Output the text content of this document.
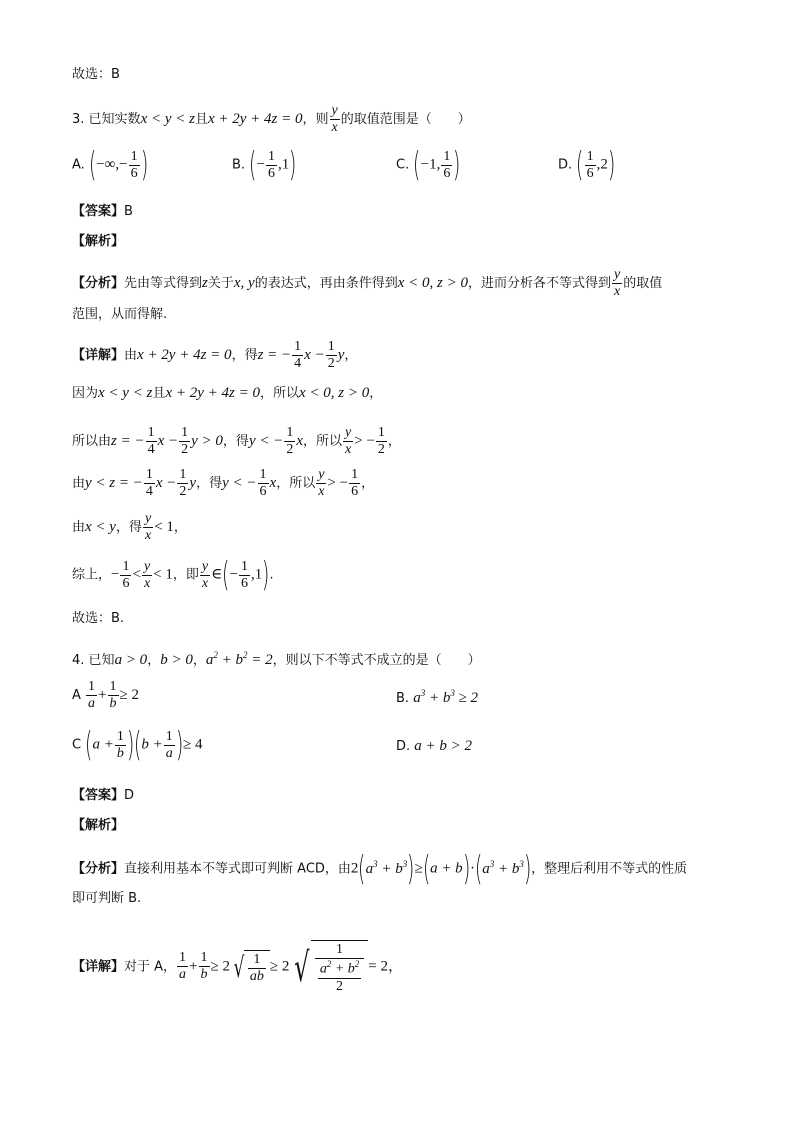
故选：B
3. 已知实数x < y < z且x + 2y + 4z = 0，则 $\frac{y}{x}$ 的取值范围是（　　）
A. (−∞,− $\frac{1}{6}$ )	B. (− $\frac{1}{6} ,1$)	C. (−1, $\frac{1}{6}$ )	D. ( $\frac{1}{6} ,2$)
【答案】B
【解析】
【分析】先由等式得到z关于x, y的表达式，再由条件得到x < 0, z > 0，进而分析各不等式得到 $\frac{y}{x}$ 的取值
范围，从而得解.
【详解】由x + 2y + 4z = 0，得z = − $\frac{1}{4}$ $x - \frac{1}{2}$ y，
因为x < y < z且x + 2y + 4z = 0，所以x < 0, z > 0，
所以由z = − $\frac{1}{4}$ $x - \frac{1}{2}$ y > 0，得y < − $\frac{1}{2}$ x，所以 $\frac{y}{x}$ > − $\frac{1}{2}$ ，
由y < z = − $\frac{1}{4}$ $x - \frac{1}{2}$ y，得y < − $\frac{1}{6}$ x，所以 $\frac{y}{x}$ > − $\frac{1}{6}$ ，
由x < y，得 $\frac{y}{x} < 1$，
综上，− $\frac{1}{6} < \frac{y}{x} < 1$，即 $\frac{y}{x}$ ∈(− $\frac{1}{6} ,1$).
故选：B.
4. 已知a > 0，b > 0，$a^2 + b^2 = 2$，则以下不等式不成立的是（　　）
A $\frac{1}{a} + \frac{1}{b} \ge 2$	B. $a^3 + b^3 \ge 2$
C $(a + \frac{1}{b} )(b + \frac{1}{a}$ )≥ 4	D. a + b > 2
【答案】D
【解析】
【分析】直接利用基本不等式即可判断 ACD，由$2(a^3 + b^3)\ge(a + b)\cdot(a^3 + b^3)$，整理后利用不等式的性质
即可判断 B.
【详解】对于 A， $\frac{1}{a} + \frac{1}{b} \ge 2$ √ $\frac{1}{ab} \ge 2$ √ $\frac{1}{\frac{a^2 + b^2}{2}} = 2$，
